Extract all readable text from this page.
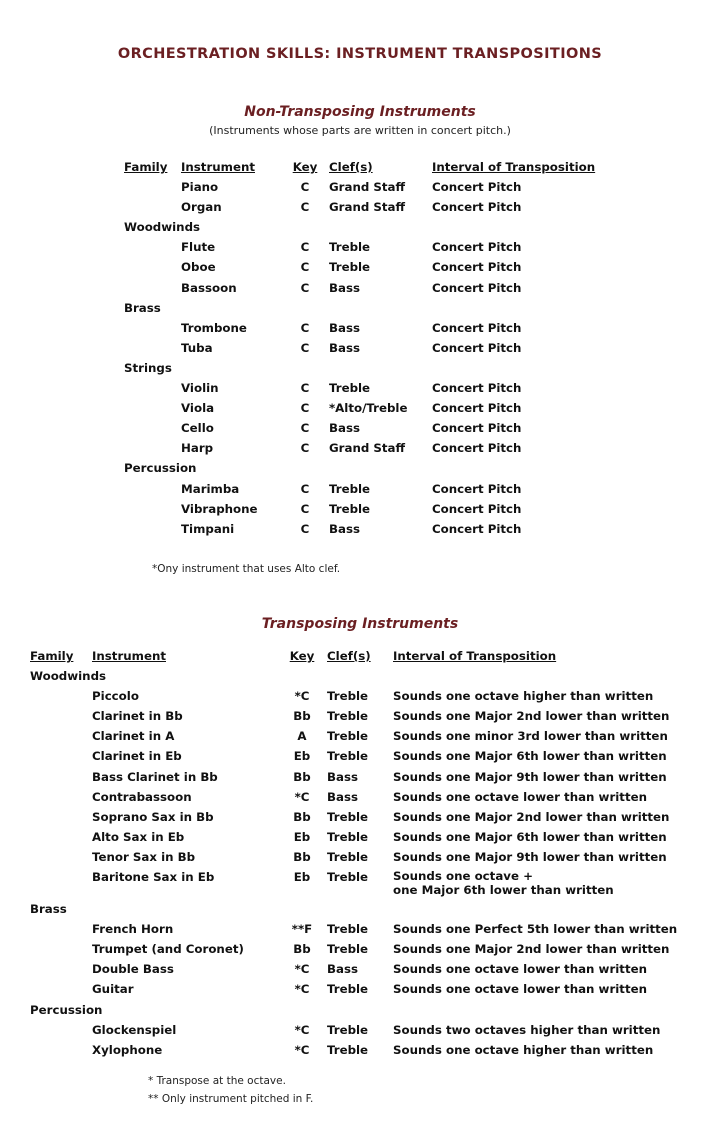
ORCHESTRATION SKILLS: INSTRUMENT TRANSPOSITIONS
Non-Transposing Instruments
(Instruments whose parts are written in concert pitch.)
Family	Instrument	Key	Clef(s)	Interval of Transposition
	Piano	C	Grand Staff	Concert Pitch
	Organ	C	Grand Staff	Concert Pitch
Woodwinds				
	Flute	C	Treble	Concert Pitch
	Oboe	C	Treble	Concert Pitch
	Bassoon	C	Bass	Concert Pitch
Brass				
	Trombone	C	Bass	Concert Pitch
	Tuba	C	Bass	Concert Pitch
Strings				
	Violin	C	Treble	Concert Pitch
	Viola	C	*Alto/Treble	Concert Pitch
	Cello	C	Bass	Concert Pitch
	Harp	C	Grand Staff	Concert Pitch
Percussion				
	Marimba	C	Treble	Concert Pitch
	Vibraphone	C	Treble	Concert Pitch
	Timpani	C	Bass	Concert Pitch
*Ony instrument that uses Alto clef.
Transposing Instruments
Family	Instrument	Key	Clef(s)	Interval of Transposition
Woodwinds				
	Piccolo	*C	Treble	Sounds one octave higher than written
	Clarinet in Bb	Bb	Treble	Sounds one Major 2nd lower than written
	Clarinet in A	A	Treble	Sounds one minor 3rd lower than written
	Clarinet in Eb	Eb	Treble	Sounds one Major 6th lower than written
	Bass Clarinet in Bb	Bb	Bass	Sounds one Major 9th lower than written
	Contrabassoon	*C	Bass	Sounds one octave lower than written
	Soprano Sax in Bb	Bb	Treble	Sounds one Major 2nd lower than written
	Alto Sax in Eb	Eb	Treble	Sounds one Major 6th lower than written
	Tenor Sax in Bb	Bb	Treble	Sounds one Major 9th lower than written
	Baritone Sax in Eb	Eb	Treble	Sounds one octave +
one Major 6th lower than written
Brass				
	French Horn	**F	Treble	Sounds one Perfect 5th lower than written
	Trumpet (and Coronet)	Bb	Treble	Sounds one Major 2nd lower than written
	Double Bass	*C	Bass	Sounds one octave lower than written
	Guitar	*C	Treble	Sounds one octave lower than written
Percussion				
	Glockenspiel	*C	Treble	Sounds two octaves higher than written
	Xylophone	*C	Treble	Sounds one octave higher than written
* Transpose at the octave.
** Only instrument pitched in F.
